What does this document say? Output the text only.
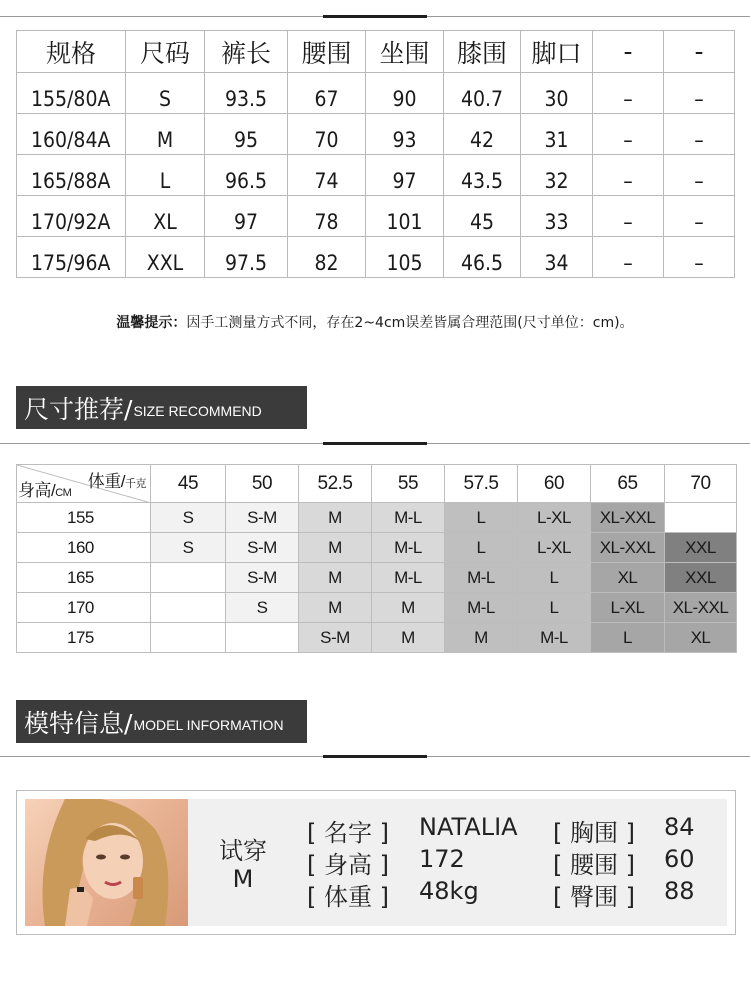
规格	尺码	裤长	腰围	坐围	膝围	脚口	-	-
155/80A	S	93.5	67	90	40.7	30	–	–
160/84A	M	95	70	93	42	31	–	–
165/88A	L	96.5	74	97	43.5	32	–	–
170/92A	XL	97	78	101	45	33	–	–
175/96A	XXL	97.5	82	105	46.5	34	–	–
温馨提示：因手工测量方式不同，存在2~4cm误差皆属合理范围(尺寸单位：cm)。
尺寸推荐/ SIZE RECOMMEND
体重/千克
身高/CM	45	50	52.5	55	57.5	60	65	70
155	S	S-M	M	M-L	L	L-XL	XL-XXL	
160	S	S-M	M	M-L	L	L-XL	XL-XXL	XXL
165		S-M	M	M-L	M-L	L	XL	XXL
170		S	M	M	M-L	L	L-XL	XL-XXL
175			S-M	M	M	M-L	L	XL
模特信息/ MODEL INFORMATION
试穿
M
[ 名字 ] NATALIA
[ 身高 ] 172
[ 体重 ] 48kg
[ 胸围 ] 84
[ 腰围 ] 60
[ 臀围 ] 88
